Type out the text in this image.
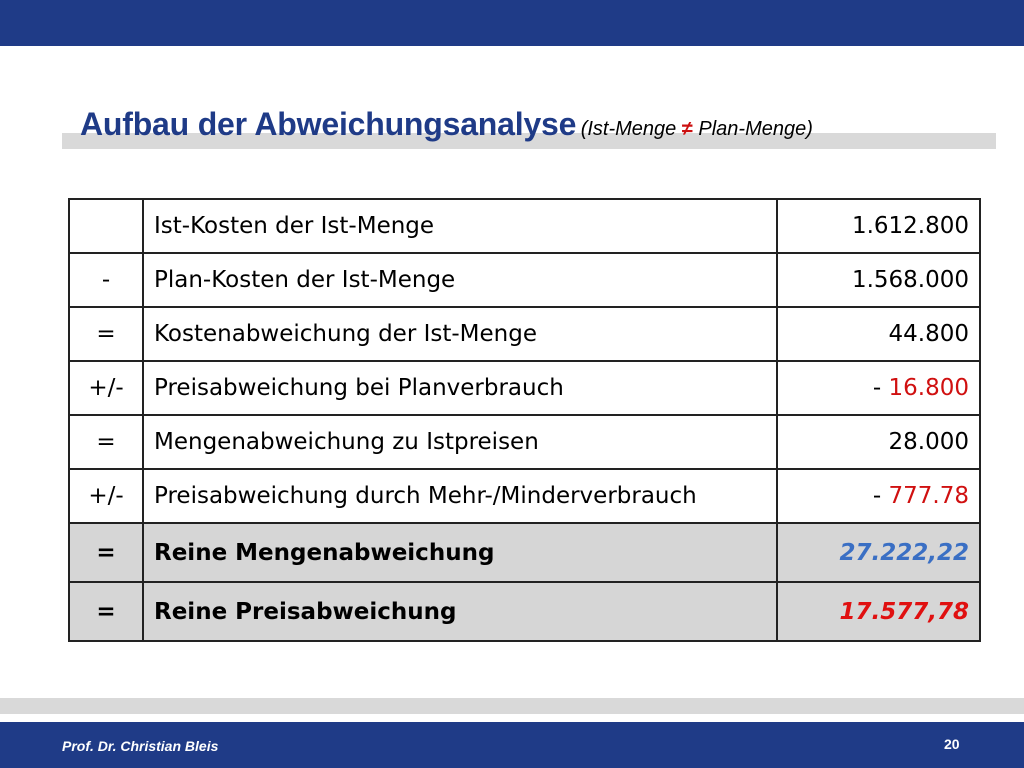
Aufbau der Abweichungsanalyse (Ist-Menge ≠ Plan-Menge)
	Ist-Kosten der Ist-Menge	1.612.800
-	Plan-Kosten der Ist-Menge	1.568.000
=	Kostenabweichung der Ist-Menge	44.800
+/-	Preisabweichung bei Planverbrauch	- 16.800
=	Mengenabweichung zu Istpreisen	28.000
+/-	Preisabweichung durch Mehr-/Minderverbrauch	- 777.78
=	Reine Mengenabweichung	27.222,22
=	Reine Preisabweichung	17.577,78
Prof. Dr. Christian Bleis	20
